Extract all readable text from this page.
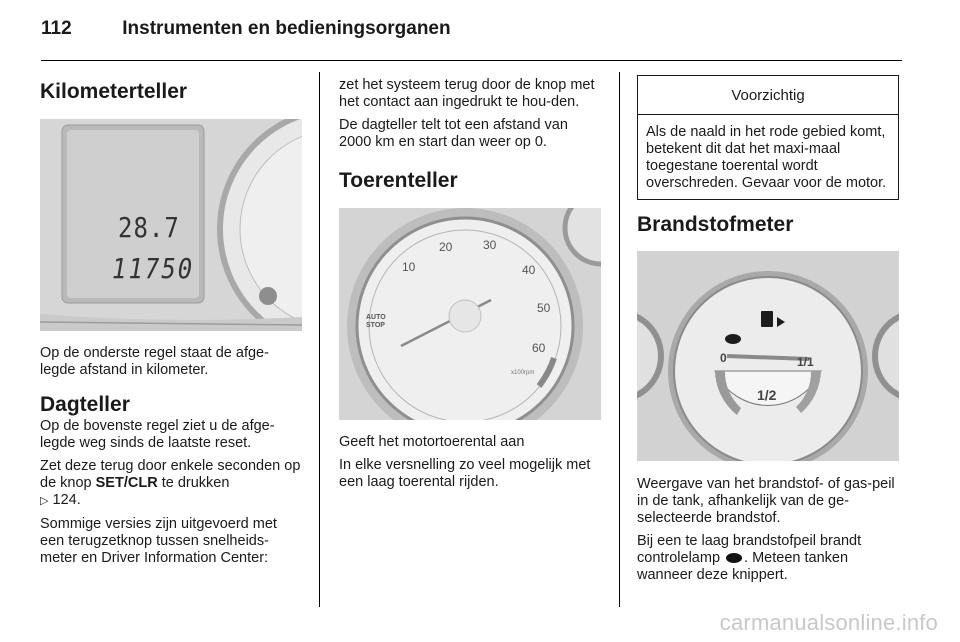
112	Instrumenten en bedieningsorganen
Kilometerteller
28.7
11750

Op de onderste regel staat de afge-legde afstand in kilometer.

Dagteller

Op de bovenste regel ziet u de afge-legde weg sinds de laatste reset.

Zet deze terug door enkele seconden op de knop SET/CLR te drukken
▷ 124.

Sommige versies zijn uitgevoerd met een terugzetknop tussen snelheids-meter en Driver Information Center:

zet het systeem terug door de knop met het contact aan ingedrukt te hou-den.

De dagteller telt tot een afstand van 2000 km en start dan weer op 0.

Toerenteller
10
20	30
40
50
60
AUTO
STOP
x100rpm

Geeft het motortoerental aan

In elke versnelling zo veel mogelijk met een laag toerental rijden.

Voorzichtig
Als de naald in het rode gebied komt, betekent dit dat het maxi-maal toegestane toerental wordt overschreden. Gevaar voor de motor.
Brandstofmeter
0
1/2
1/1

Weergave van het brandstof- of gas-peil in de tank, afhankelijk van de ge-selecteerde brandstof.

Bij een te laag brandstofpeil brandt controlelamp . Meteen tanken wanneer deze knippert.

carmanualsonline.info
